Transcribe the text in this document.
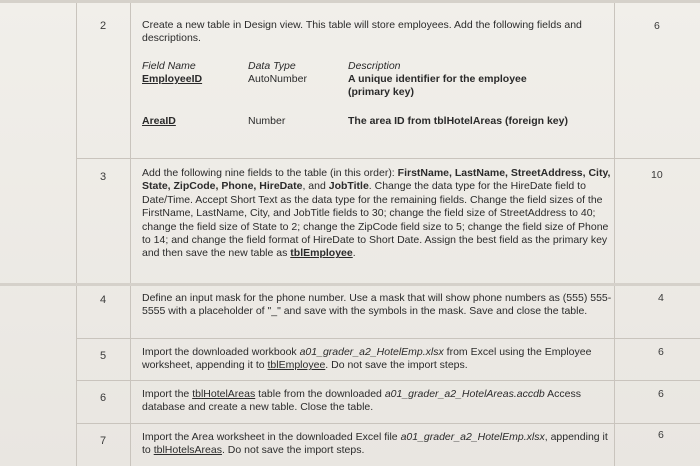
2	6
Create a new table in Design view. This table will store employees. Add the following fields and descriptions.
Field Name	Data Type	Description
EmployeeID	AutoNumber	A unique identifier for the employee (primary key)
AreaID	Number	The area ID from tblHotelAreas (foreign key)
3	10
Add the following nine fields to the table (in this order): FirstName, LastName, StreetAddress, City, State, ZipCode, Phone, HireDate, and JobTitle. Change the data type for the HireDate field to Date/Time. Accept Short Text as the data type for the remaining fields. Change the field sizes of the FirstName, LastName, City, and JobTitle fields to 30; change the field size of StreetAddress to 40; change the field size of State to 2; change the ZipCode field size to 5; change the field size of Phone to 14; and change the field format of HireDate to Short Date. Assign the best field as the primary key and then save the new table as tblEmployee.
4	4
Define an input mask for the phone number. Use a mask that will show phone numbers as (555) 555-5555 with a placeholder of "_" and save with the symbols in the mask. Save and close the table.
5	6
Import the downloaded workbook a01_grader_a2_HotelEmp.xlsx from Excel using the Employee worksheet, appending it to tblEmployee. Do not save the import steps.
6	6
Import the tblHotelAreas table from the downloaded a01_grader_a2_HotelAreas.accdb Access database and create a new table. Close the table.
7	6
Import the Area worksheet in the downloaded Excel file a01_grader_a2_HotelEmp.xlsx, appending it to tblHotelsAreas. Do not save the import steps.
